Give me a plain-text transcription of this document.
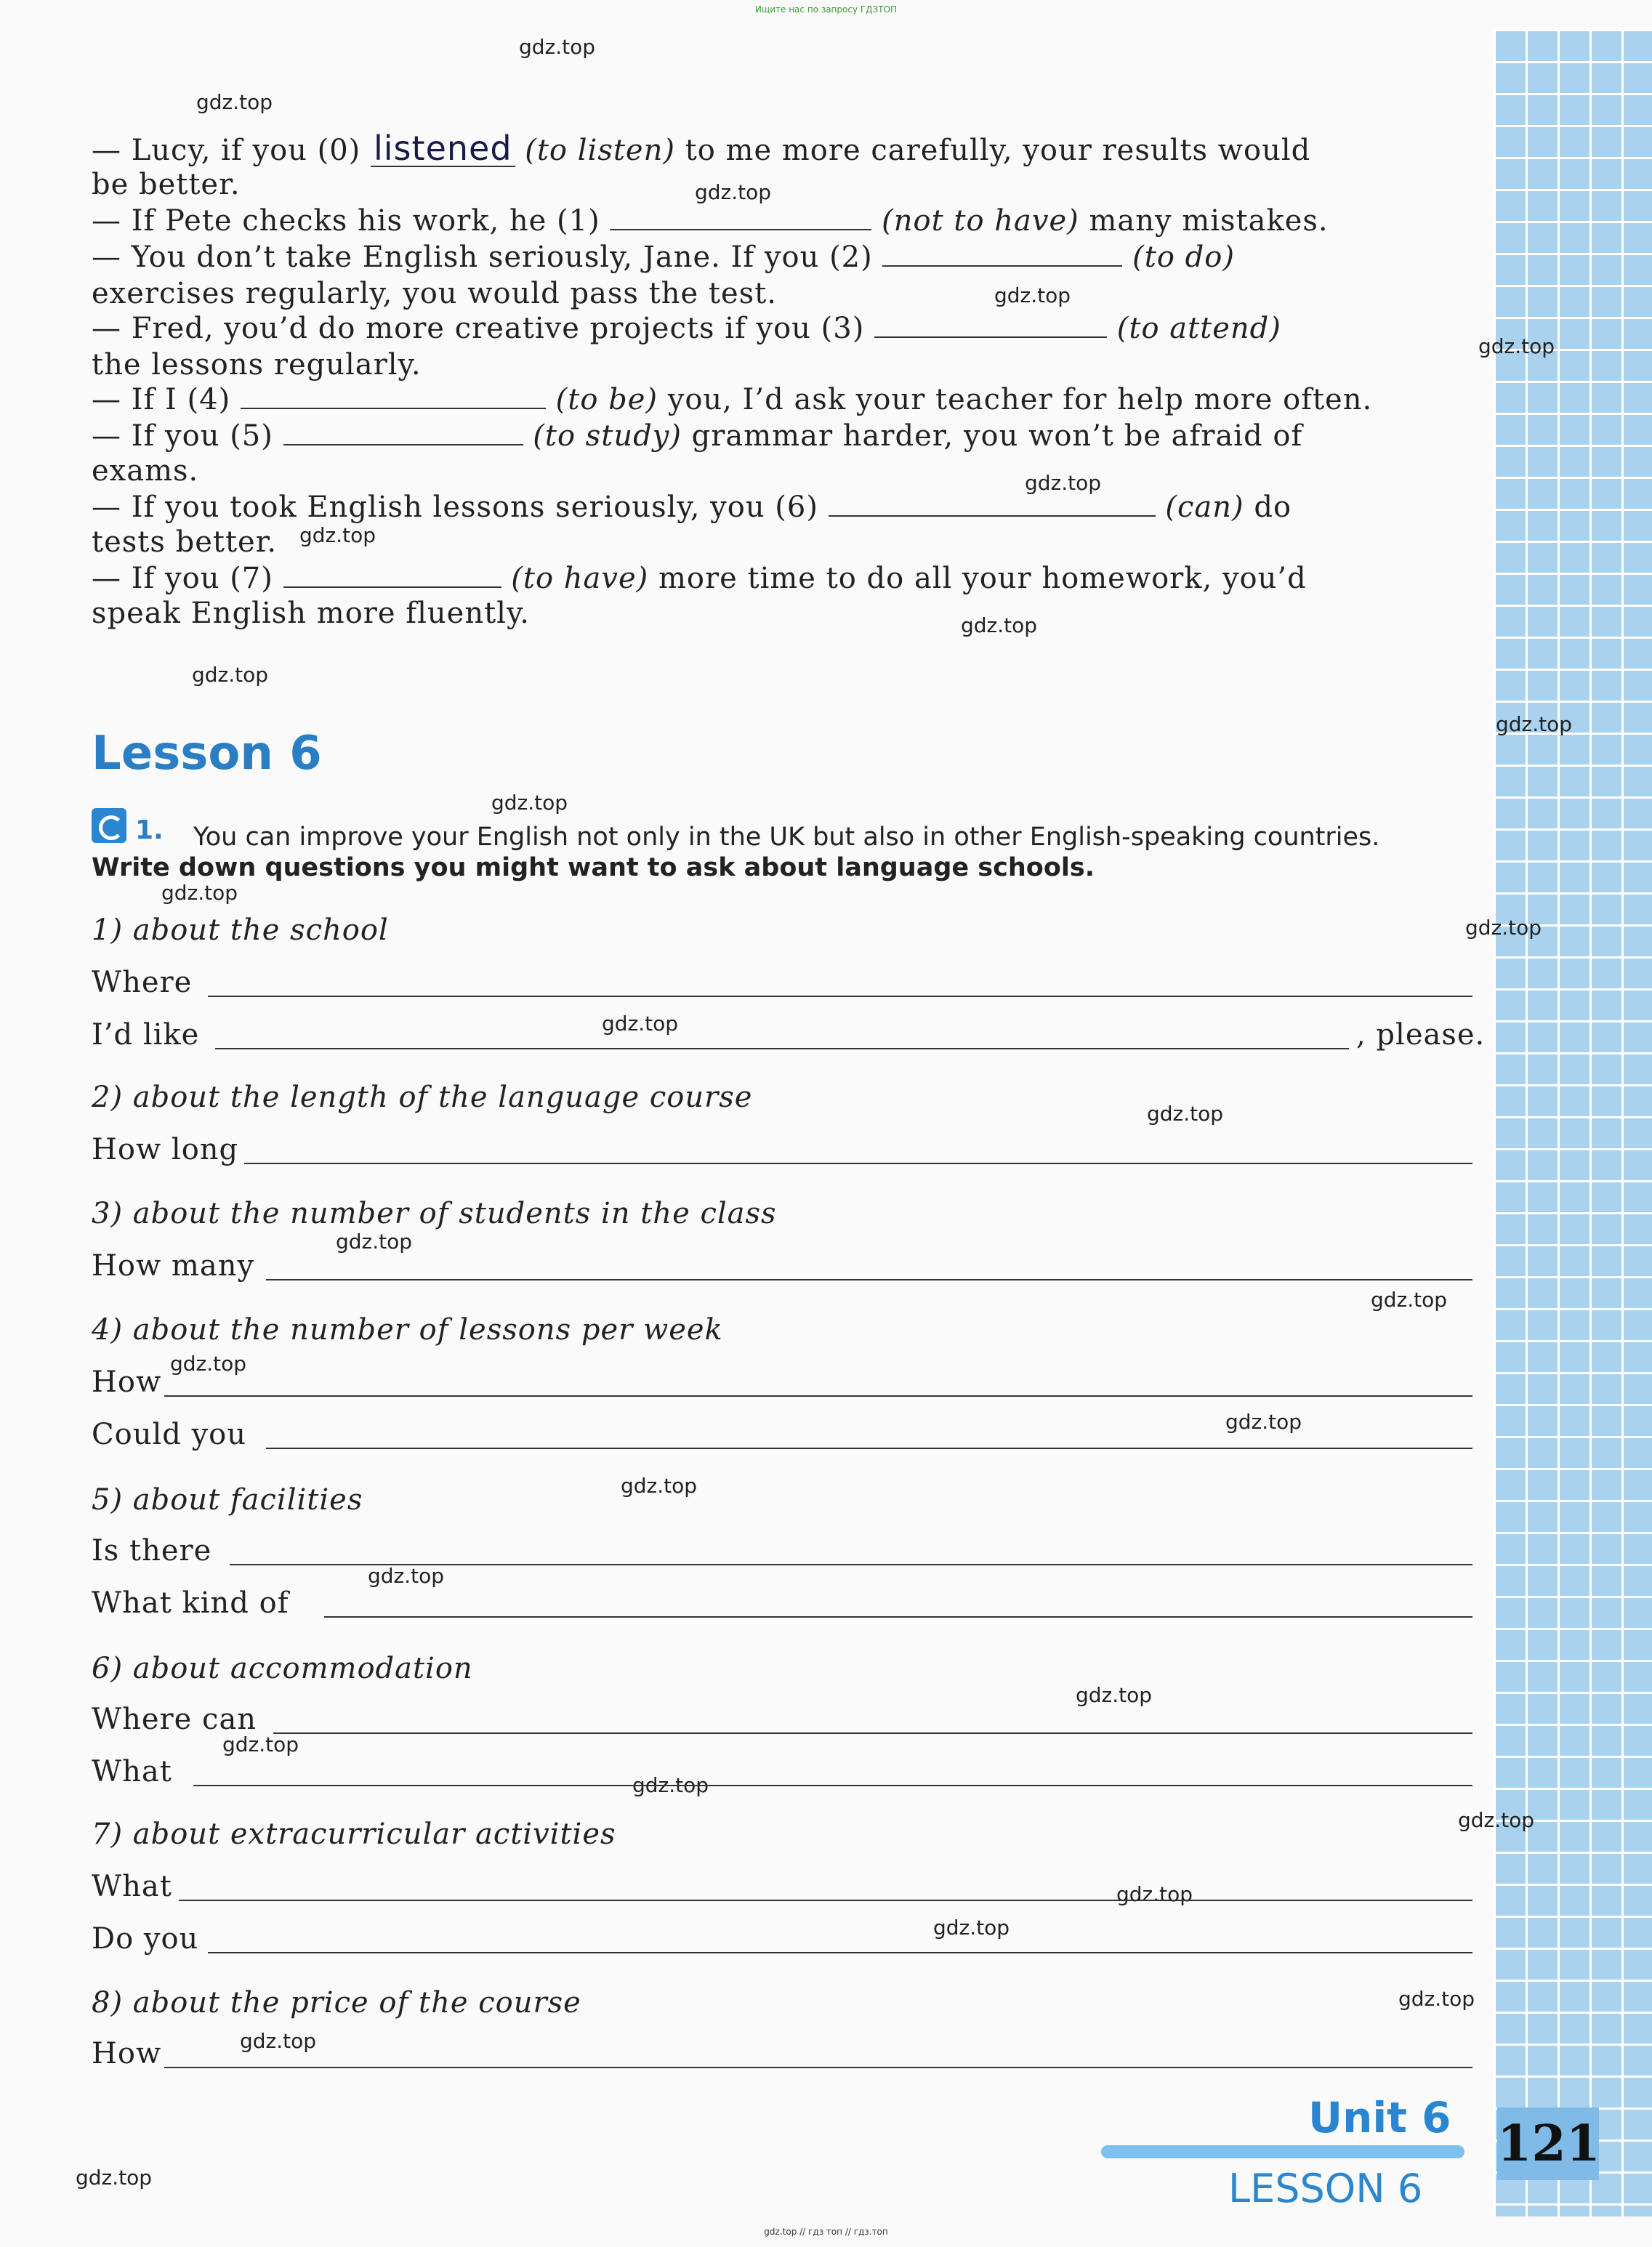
Ищите нас по запросу ГДЗТОП
gdz.top
gdz.top
gdz.top
gdz.top
gdz.top
gdz.top
gdz.top
gdz.top
gdz.top
gdz.top
gdz.top
gdz.top
gdz.top
gdz.top
gdz.top
gdz.top
gdz.top
gdz.top
gdz.top
gdz.top
gdz.top
gdz.top
gdz.top
gdz.top
gdz.top
gdz.top
gdz.top
gdz.top
gdz.top
gdz.top
— Lucy, if you (0) listened (to listen) to me more carefully, your results would
be better.
— If Pete checks his work, he (1)	(not to have) many mistakes.
— You don’t take English seriously, Jane. If you (2)	(to do)
exercises regularly, you would pass the test.
— Fred, you’d do more creative projects if you (3)	(to attend)
the lessons regularly.
— If I (4)	(to be) you, I’d ask your teacher for help more often.
— If you (5)	(to study) grammar harder, you won’t be afraid of
exams.
— If you took English lessons seriously, you (6)	(can) do
tests better.
— If you (7)	(to have) more time to do all your homework, you’d
speak English more fluently.
Lesson 6
1. You can improve your English not only in the UK but also in other English-speaking countries.
Write down questions you might want to ask about language schools.
1) about the school
Where
I’d like	, please.
2) about the length of the language course
How long
3) about the number of students in the class
How many
4) about the number of lessons per week
How
Could you
5) about facilities
Is there
What kind of
6) about accommodation
Where can
What
7) about extracurricular activities
What
Do you
8) about the price of the course
How
Unit 6
LESSON 6
121
gdz.top // гдз топ // гдз.топ
